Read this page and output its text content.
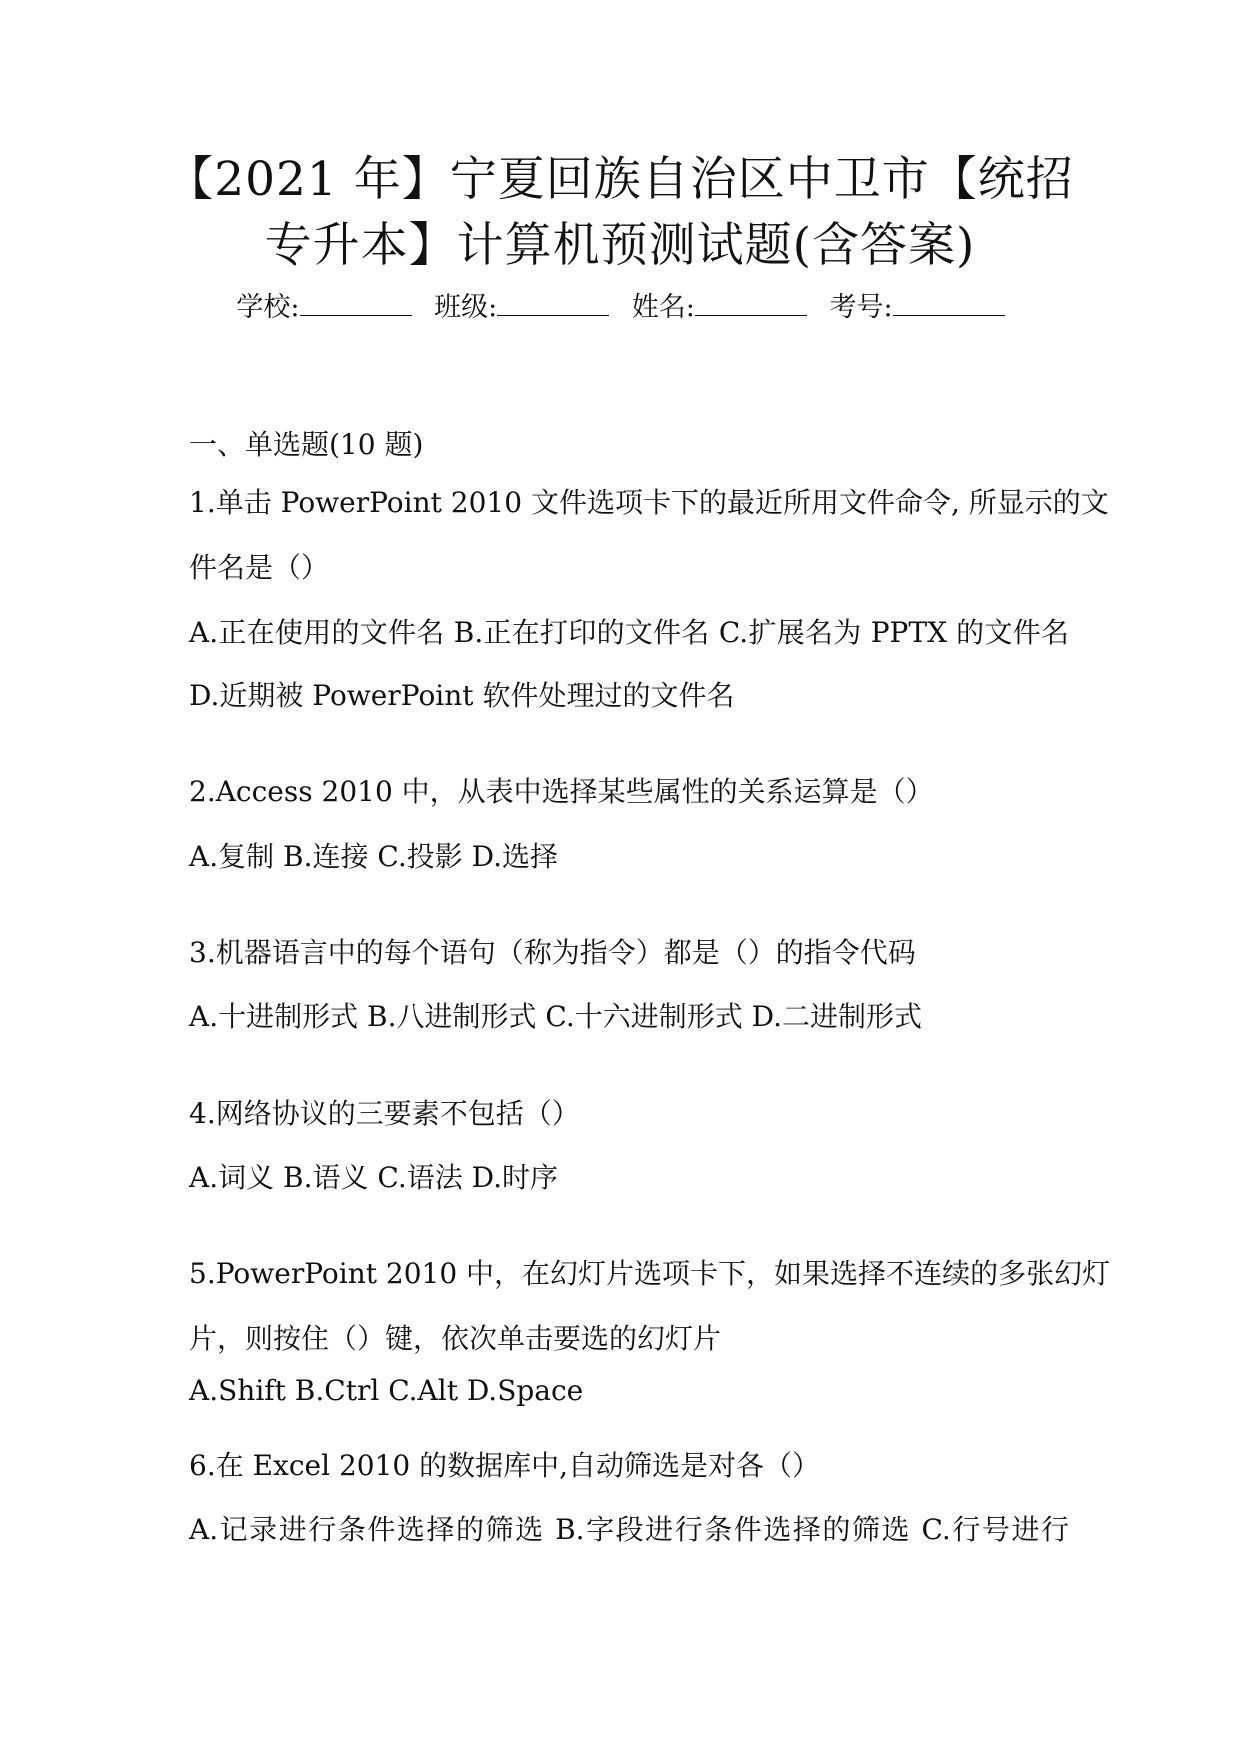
【2021 年】宁夏回族自治区中卫市【统招
专升本】计算机预测试题(含答案)
学校:	班级:	姓名:	考号:
一、单选题(10 题)
1.单击 PowerPoint 2010 文件选项卡下的最近所用文件命令, 所显示的文
件名是（）
A.正在使用的文件名 B.正在打印的文件名 C.扩展名为 PPTX 的文件名
D.近期被 PowerPoint 软件处理过的文件名
2.Access 2010 中，从表中选择某些属性的关系运算是（）
A.复制 B.连接 C.投影 D.选择
3.机器语言中的每个语句（称为指令）都是（）的指令代码
A.十进制形式 B.八进制形式 C.十六进制形式 D.二进制形式
4.网络协议的三要素不包括（）
A.词义 B.语义 C.语法 D.时序
5.PowerPoint 2010 中，在幻灯片选项卡下，如果选择不连续的多张幻灯
片，则按住（）键，依次单击要选的幻灯片
A.Shift B.Ctrl C.Alt D.Space
6.在 Excel 2010 的数据库中,自动筛选是对各（）
A.记录进行条件选择的筛选 B.字段进行条件选择的筛选 C.行号进行
